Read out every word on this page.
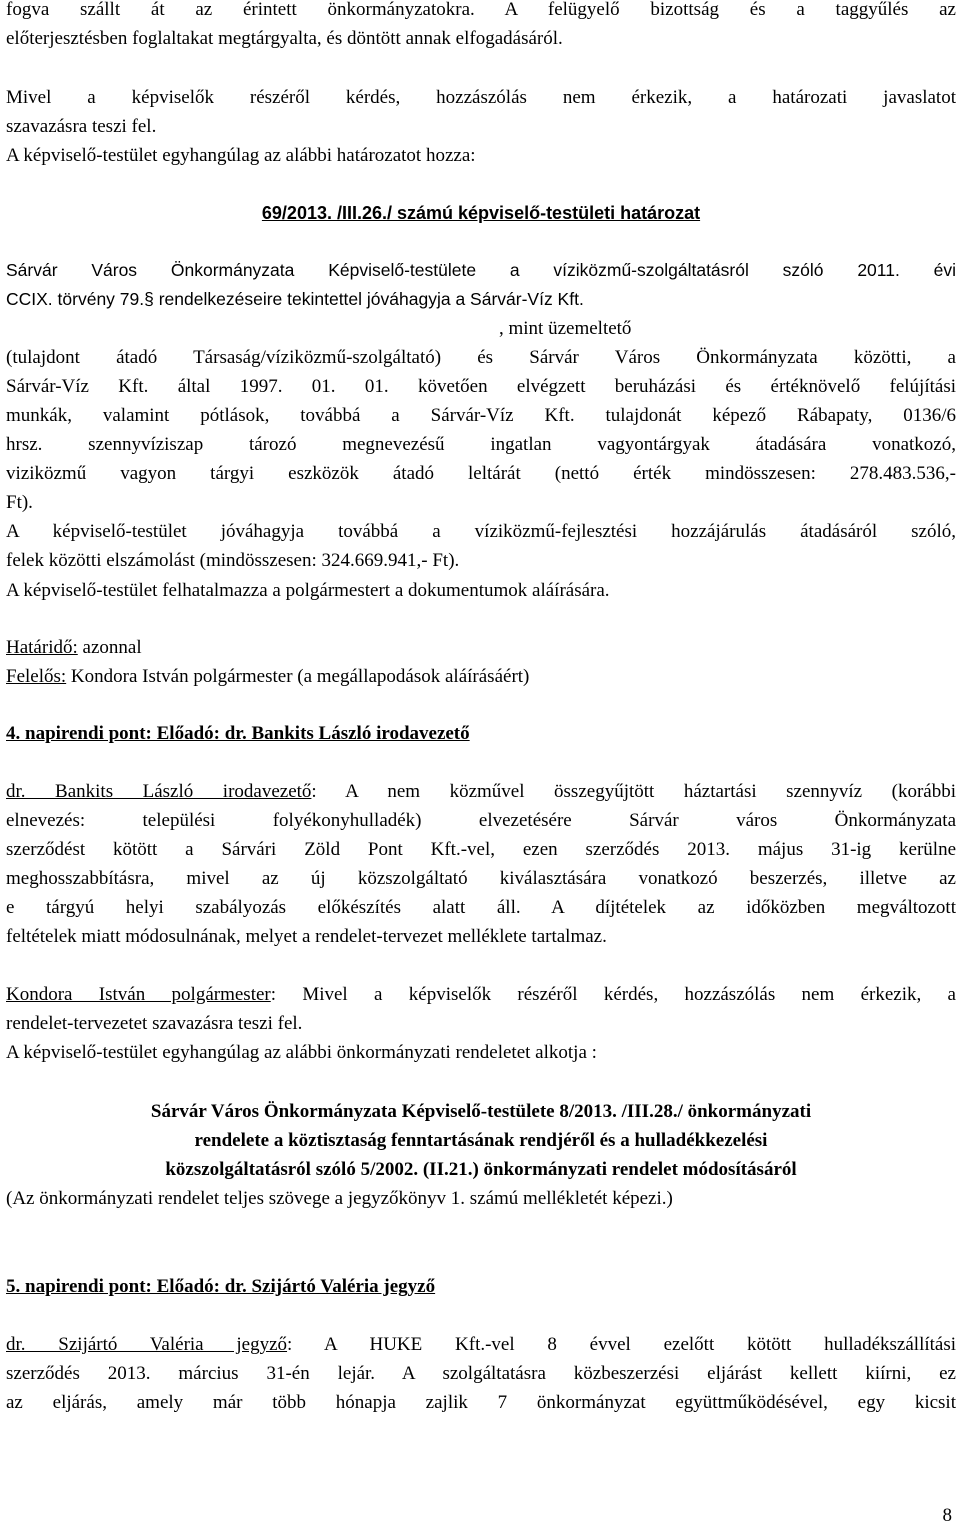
fogva szállt át az érintett önkormányzatokra. A felügyelő bizottság és a taggyűlés az
előterjesztésben foglaltakat megtárgyalta, és döntött annak elfogadásáról.
Mivel a képviselők részéről kérdés, hozzászólás nem érkezik, a határozati javaslatot
szavazásra teszi fel.
A képviselő-testület egyhangúlag az alábbi határozatot hozza:
69/2013. /III.26./ számú képviselő-testületi határozat
Sárvár Város Önkormányzata Képviselő-testülete a víziközmű-szolgáltatásról szóló 2011. évi
CCIX. törvény 79.§ rendelkezéseire tekintettel jóváhagyja a Sárvár-Víz Kft.
, mint üzemeltető
(tulajdont átadó Társaság/víziközmű-szolgáltató) és Sárvár Város Önkormányzata közötti, a
Sárvár-Víz Kft. által 1997. 01. 01. követően elvégzett beruházási és értéknövelő felújítási
munkák, valamint pótlások, továbbá a Sárvár-Víz Kft. tulajdonát képező Rábapaty, 0136/6
hrsz. szennyvíziszap tározó megnevezésű ingatlan vagyontárgyak átadására vonatkozó,
viziközmű vagyon tárgyi eszközök átadó leltárát (nettó érték mindösszesen: 278.483.536,-
Ft).
A képviselő-testület jóváhagyja továbbá a víziközmű-fejlesztési hozzájárulás átadásáról szóló,
felek közötti elszámolást (mindösszesen: 324.669.941,- Ft).
A képviselő-testület felhatalmazza a polgármestert a dokumentumok aláírására.
Határidő: azonnal
Felelős: Kondora István polgármester (a megállapodások aláírásáért)
4. napirendi pont: Előadó: dr. Bankits László irodavezető
dr. Bankits László irodavezető: A nem közművel összegyűjtött háztartási szennyvíz (korábbi
elnevezés: települési folyékonyhulladék) elvezetésére Sárvár város Önkormányzata
szerződést kötött a Sárvári Zöld Pont Kft.-vel, ezen szerződés 2013. május 31-ig kerülne
meghosszabbításra, mivel az új közszolgáltató kiválasztására vonatkozó beszerzés, illetve az
e tárgyú helyi szabályozás előkészítés alatt áll. A díjtételek az időközben megváltozott
feltételek miatt módosulnának, melyet a rendelet-tervezet melléklete tartalmaz.
Kondora István polgármester: Mivel a képviselők részéről kérdés, hozzászólás nem érkezik, a
rendelet-tervezetet szavazásra teszi fel.
A képviselő-testület egyhangúlag az alábbi önkormányzati rendeletet alkotja :
Sárvár Város Önkormányzata Képviselő-testülete 8/2013. /III.28./ önkormányzati
rendelete a köztisztaság fenntartásának rendjéről és a hulladékkezelési
közszolgáltatásról szóló 5/2002. (II.21.) önkormányzati rendelet módosításáról
(Az önkormányzati rendelet teljes szövege a jegyzőkönyv 1. számú mellékletét képezi.)
5. napirendi pont: Előadó: dr. Szijártó Valéria jegyző
dr. Szijártó Valéria jegyző: A HUKE Kft.-vel 8 évvel ezelőtt kötött hulladékszállítási
szerződés 2013. március 31-én lejár. A szolgáltatásra közbeszerzési eljárást kellett kiírni, ez
az eljárás, amely már több hónapja zajlik 7 önkormányzat együttműködésével, egy kicsit
8
